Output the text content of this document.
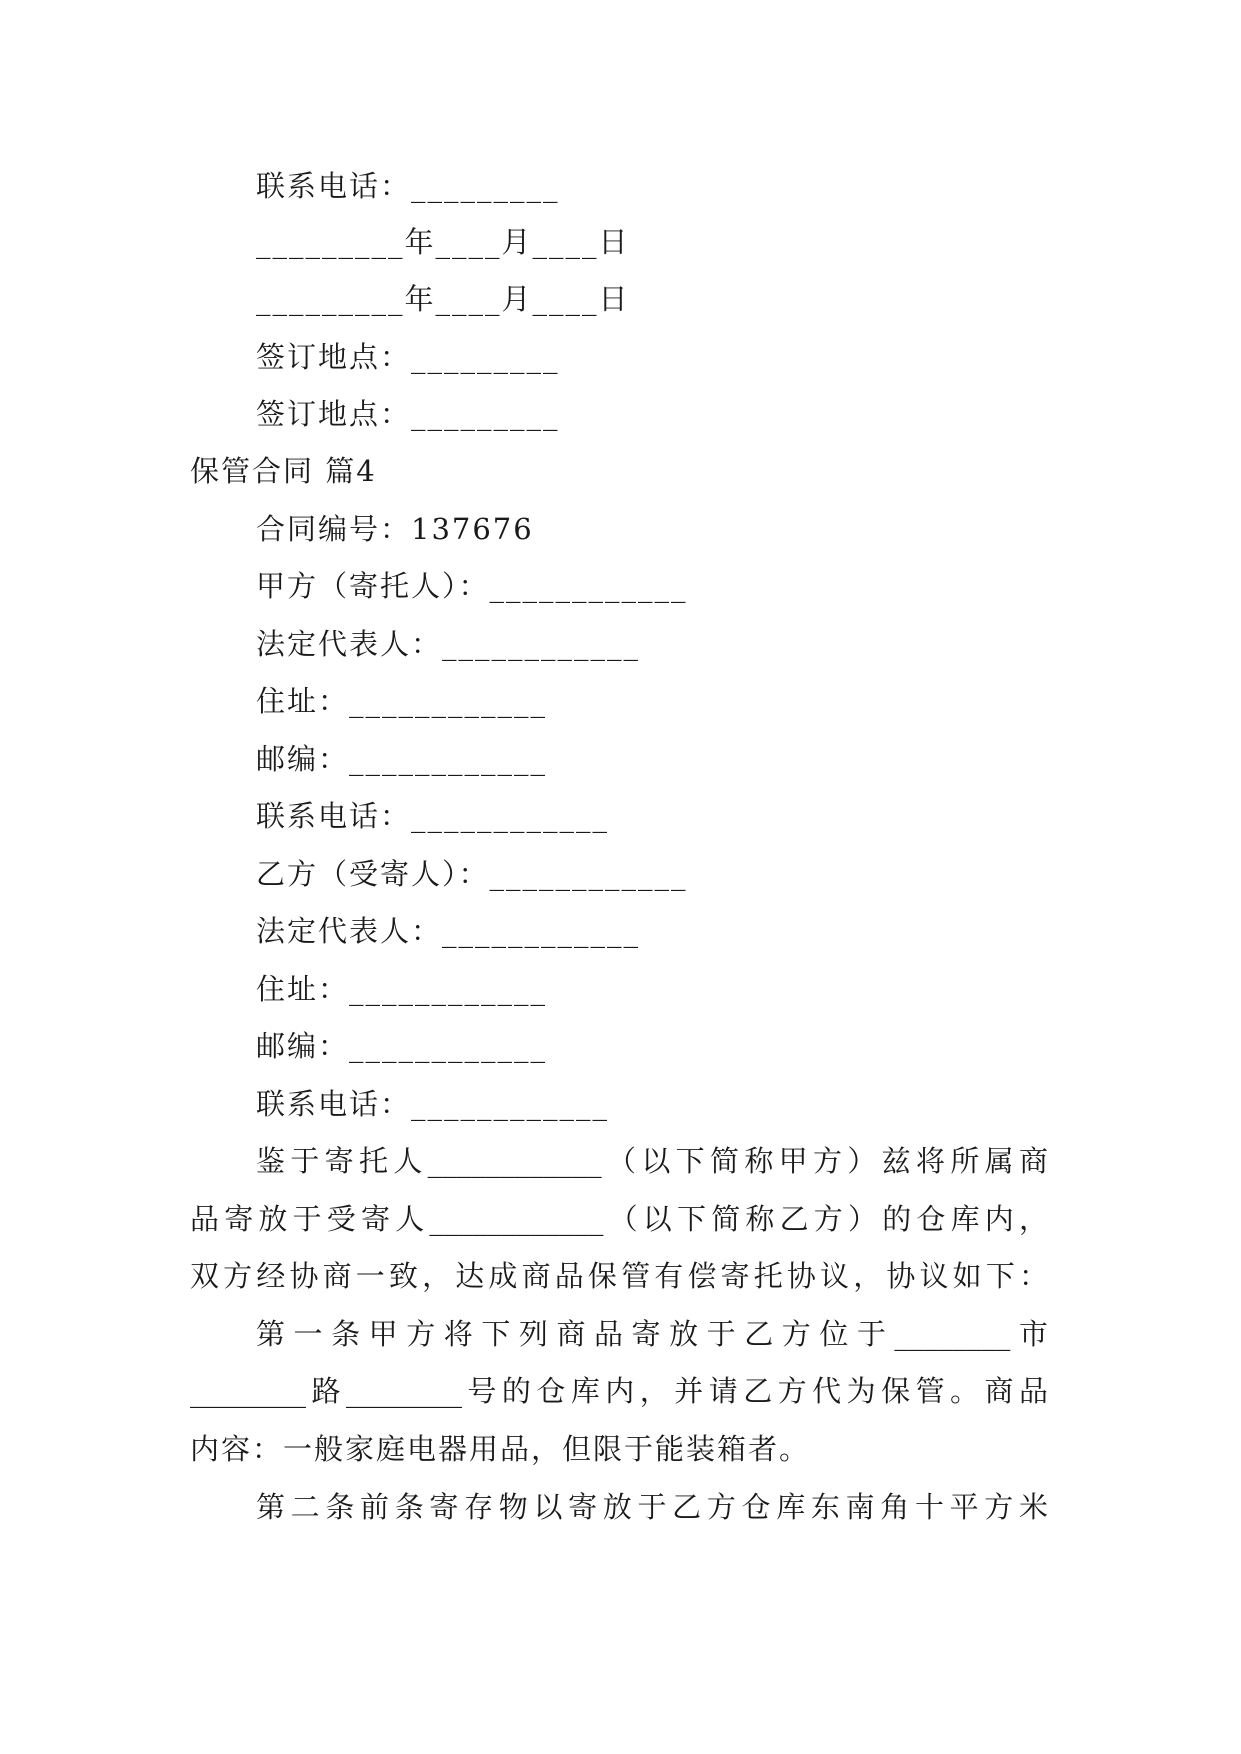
联系电话：_________
_________年____月____日
_________年____月____日
签订地点：_________
签订地点：_________
保管合同 篇4
合同编号：137676
甲方（寄托人）：____________
法定代表人：____________
住址：____________
邮编：____________
联系电话：____________
乙方（受寄人）：____________
法定代表人：____________
住址：____________
邮编：____________
联系电话：____________
鉴于寄托人____________（以下简称甲方）兹将所属商
品寄放于受寄人____________（以下简称乙方）的仓库内，
双方经协商一致，达成商品保管有偿寄托协议，协议如下：
第一条甲方将下列商品寄放于乙方位于________市
________路________号的仓库内，并请乙方代为保管。商品
内容：一般家庭电器用品，但限于能装箱者。
第二条前条寄存物以寄放于乙方仓库东南角十平方米
